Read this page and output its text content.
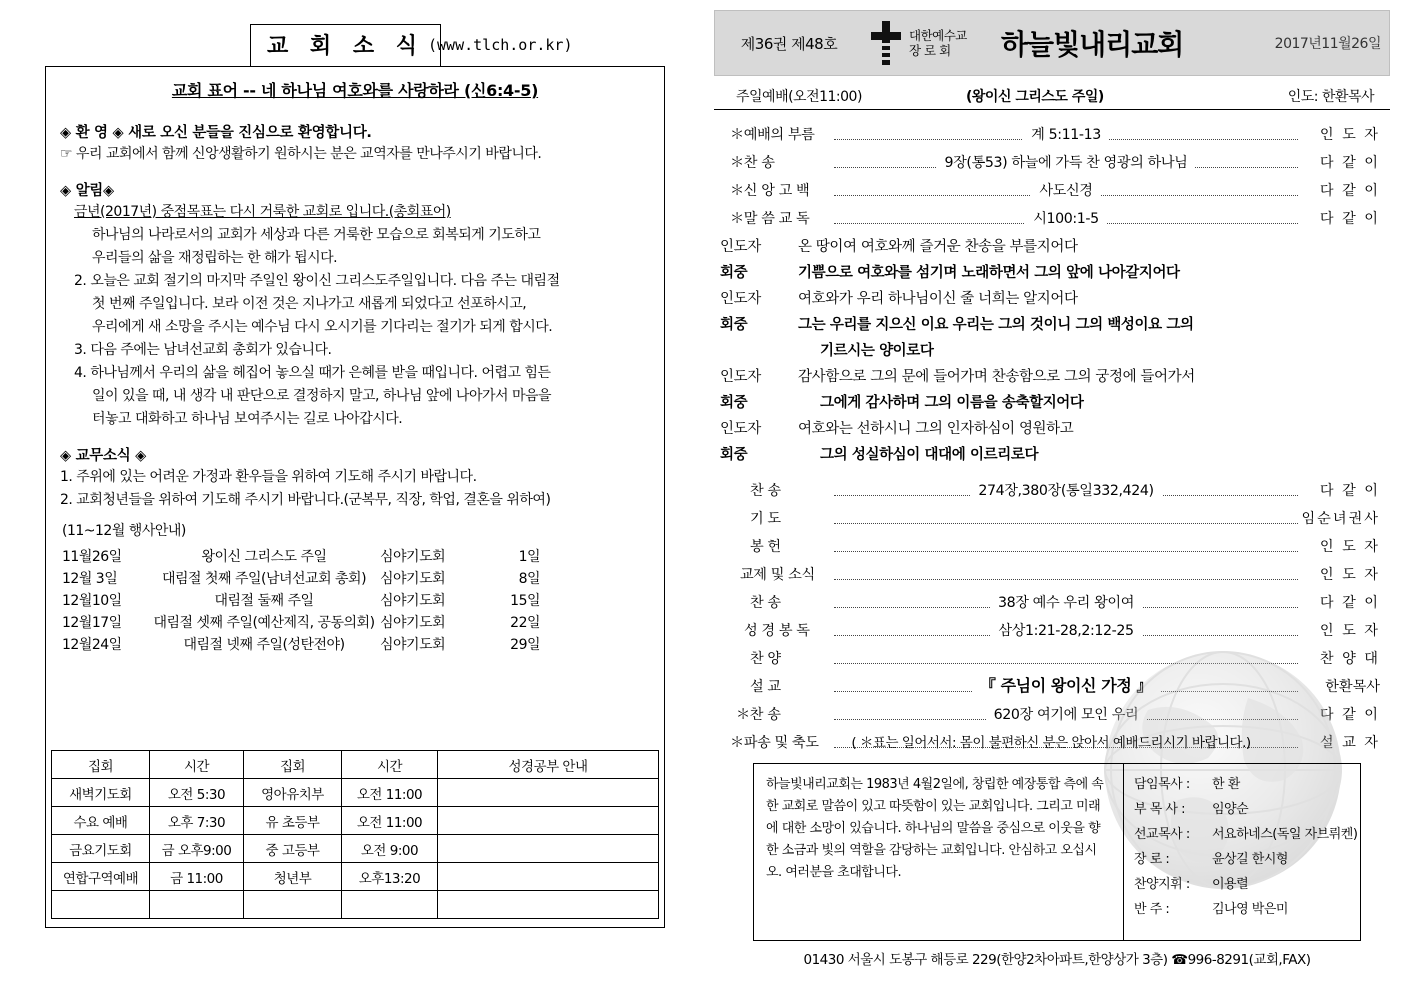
교 회 소 식 (www.tlch.or.kr)
교회 표어 -- 네 하나님 여호와를 사랑하라 (신6:4-5)
◈ 환 영 ◈ 새로 오신 분들을 진심으로 환영합니다.
☞ 우리 교회에서 함께 신앙생활하기 원하시는 분은 교역자를 만나주시기 바랍니다.
◈ 알림◈
금년(2017년) 중점목표는 다시 거룩한 교회로 입니다.(총회표어)
하나님의 나라로서의 교회가 세상과 다른 거룩한 모습으로 회복되게 기도하고
우리들의 삶을 재정립하는 한 해가 됩시다.
2. 오늘은 교회 절기의 마지막 주일인 왕이신 그리스도주일입니다. 다음 주는 대림절
첫 번째 주일입니다. 보라 이전 것은 지나가고 새롭게 되었다고 선포하시고,
우리에게 새 소망을 주시는 예수님 다시 오시기를 기다리는 절기가 되게 합시다.
3. 다음 주에는 남녀선교회 총회가 있습니다.
4. 하나님께서 우리의 삶을 헤집어 놓으실 때가 은혜를 받을 때입니다. 어렵고 힘든
일이 있을 때, 내 생각 내 판단으로 결정하지 말고, 하나님 앞에 나아가서 마음을
터놓고 대화하고 하나님 보여주시는 길로 나아갑시다.
◈ 교무소식 ◈
1. 주위에 있는 어려운 가정과 환우들을 위하여 기도해 주시기 바랍니다.
2. 교회청년들을 위하여 기도해 주시기 바랍니다.(군복무, 직장, 학업, 결혼을 위하여)
(11~12월 행사안내)
11월26일	왕이신 그리스도 주일	심야기도회	1일
12월 3일	대림절 첫째 주일(남녀선교회 총회) 심야기도회	8일
12월10일	대림절 둘째 주일	심야기도회	15일
12월17일	대림절 셋째 주일(예산제직, 공동의회) 심야기도회	22일
12월24일	대림절 넷째 주일(성탄전야)	심야기도회	29일
집회	시간	집회	시간	성경공부 안내
새벽기도회	오전 5:30	영아유치부	오전 11:00	
수요 예배	오후 7:30	유 초등부	오전 11:00	
금요기도회	금 오후9:00	중 고등부	오전 9:00	
연합구역예배	금 11:00	청년부	오후13:20	

제36권 제48호	대한예수교
장 로 회	하늘빛내리교회	2017년11월26일
주일예배(오전11:00)	(왕이신 그리스도 주일)	인도: 한환목사
＊예배의 부름	계 5:11-13	인 도 자
＊찬 송	9장(통53) 하늘에 가득 찬 영광의 하나님	다 같 이
＊신 앙 고 백	사도신경	다 같 이
＊말 씀 교 독	시100:1-5	다 같 이
인도자	온 땅이여 여호와께 즐거운 찬송을 부를지어다
회중	기쁨으로 여호와를 섬기며 노래하면서 그의 앞에 나아갈지어다
인도자	여호와가 우리 하나님이신 줄 너희는 알지어다
회중	그는 우리를 지으신 이요 우리는 그의 것이니 그의 백성이요 그의
기르시는 양이로다
인도자	감사함으로 그의 문에 들어가며 찬송함으로 그의 궁정에 들어가서
회중	그에게 감사하며 그의 이름을 송축할지어다
인도자	여호와는 선하시니 그의 인자하심이 영원하고
회중	그의 성실하심이 대대에 이르리로다
찬 송	274장,380장(통일332,424)	다 같 이
기 도	임순녀권사
봉 헌	인 도 자
교제 및 소식	인 도 자
찬 송	38장 예수 우리 왕이여	다 같 이
성 경 봉 독	삼상1:21-28,2:12-25	인 도 자
찬 양	찬 양 대
설 교	『 주님이 왕이신 가정 』	한환목사
＊찬 송	620장 여기에 모인 우리	다 같 이
＊파송 및 축도	설 교 자
( ＊표는 일어서서: 몸이 불편하신 분은 앉아서 예배드리시기 바랍니다.)
하늘빛내리교회는 1983년 4월2일에, 창립한 예장통합 측에 속한 교회로 말씀이 있고 따뜻함이 있는 교회입니다. 그리고 미래에 대한 소망이 있습니다. 하나님의 말씀을 중심으로 이웃을 향한 소금과 빛의 역할을 감당하는 교회입니다. 안심하고 오십시오. 여러분을 초대합니다.
담임목사 : 한 환
부 목 사 : 임양순
선교목사 : 서요하네스(독일 자브뤼켄)
장 로 :	윤상길 한시형
찬양지휘 : 이용렬
반 주 :	김나영 박은미
01430 서울시 도봉구 해등로 229(한양2차아파트,한양상가 3층) ☎996-8291(교회,FAX)
